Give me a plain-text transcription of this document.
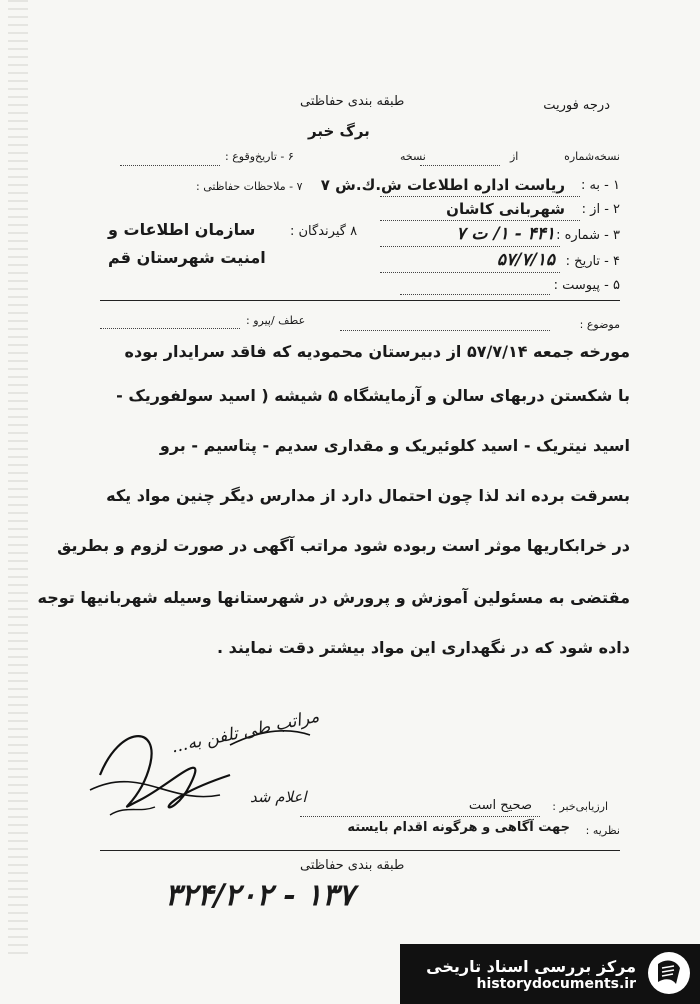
درجه فوریت
طبقه بندی حفاظتی
برگ خبر
نسخه‌شماره
از
نسخه
۶ - تاریخ‌وقوع :
۱ - به :
ریاست اداره اطلاعات ش.ك.ش ۷
۷ - ملاحظات حفاظتی :
۲ - از :
شهربانی کاشان
۸ گیرندگان :
سازمان اطلاعات و
امنیت شهرستان قم
۳ - شماره :
۴۴۱ - ۱/ ت ۷
۴ - تاریخ :
۵۷/۷/۱۵
۵ - پیوست :
موضوع :
عطف /پیرو :
مورخه جمعه ۵۷/۷/۱۴ از دبیرستان محمودیه که فاقد سرایدار بوده
با شکستن دربهای سالن و آزمایشگاه ۵ شیشه ( اسید سولفوریک -
اسید نیتریک - اسید کلوئیریک و مقداری سدیم - پتاسیم - برو
بسرقت برده اند لذا چون احتمال دارد از مدارس دیگر چنین مواد یکه
در خرابکاریها موثر است ربوده شود مراتب آگهی در صورت لزوم و بطریق
مقتضی به مسئولین آموزش و پرورش در شهرستانها وسیله شهربانیها توجه
داده شود که در نگهداری این مواد بیشتر دقت نمایند .
مراتب طی تلفن به...
اعلام شد
ارزیابی‌خبر :
صحیح است
نظریه :
جهت آگاهی و هرگونه اقدام بایسته
طبقه بندی حفاظتی
۳۲۴/۲۰۲ - ۱۳۷
مرکز بررسی اسناد تاریخی
historydocuments.ir
